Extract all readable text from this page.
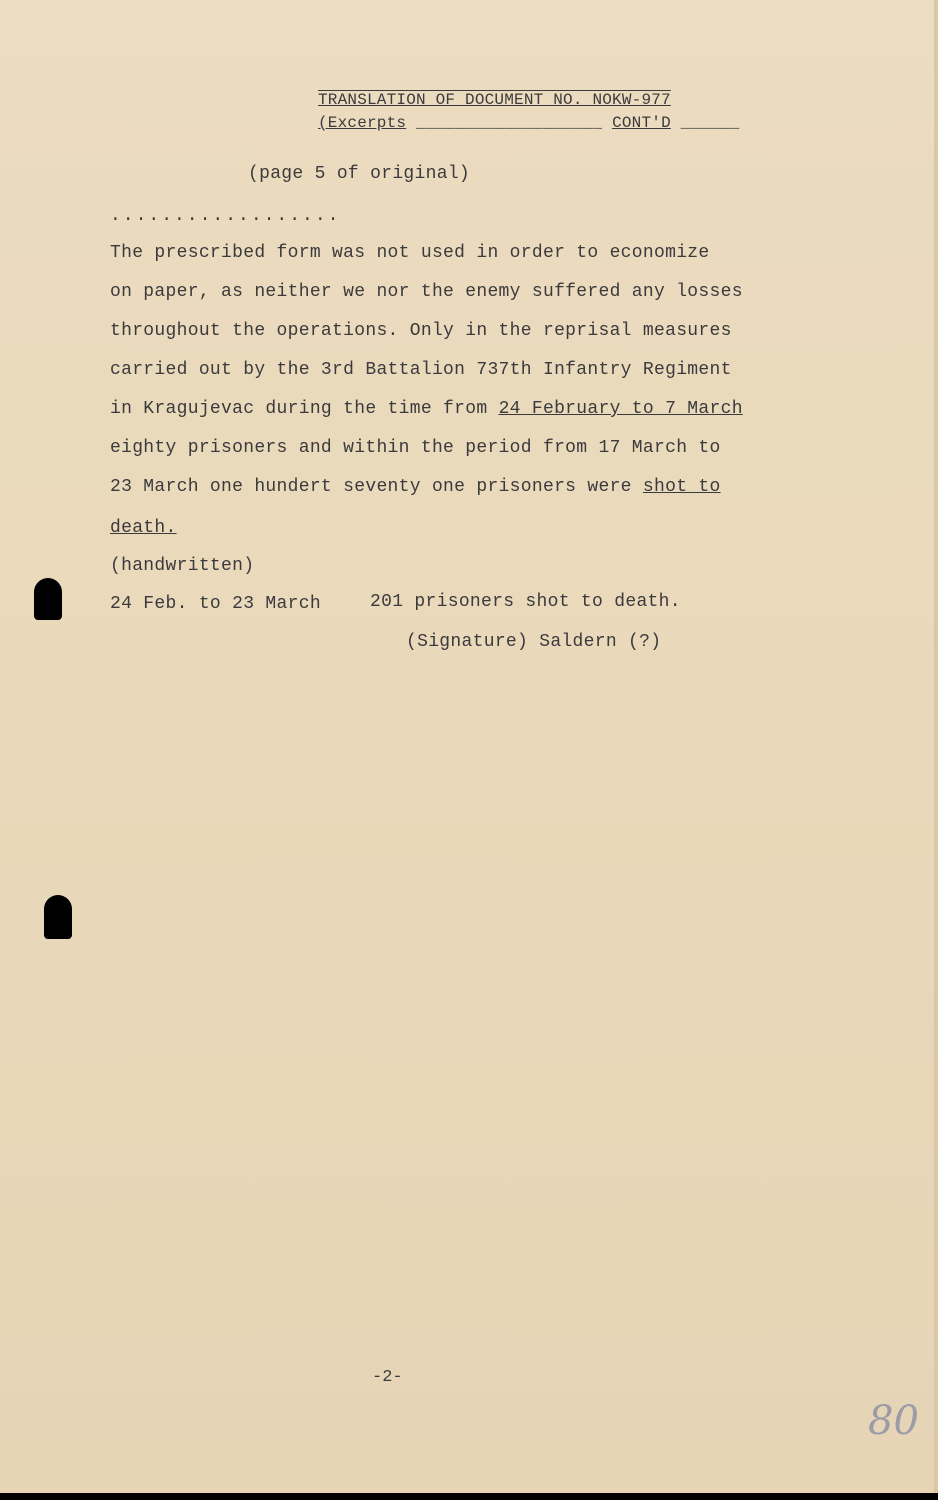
TRANSLATION OF DOCUMENT NO. NOKW-977
(Excerpts ___________________ CONT'D ______
(page 5 of original)
..................
The prescribed form was not used in order to economize
on paper, as neither we nor the enemy suffered any losses
throughout the operations. Only in the reprisal measures
carried out by the 3rd Battalion 737th Infantry Regiment
in Kragujevac during the time from 24 February to 7 March
eighty prisoners and within the period from 17 March to
23 March one hundert seventy one prisoners were shot to
death.
(handwritten)
24 Feb. to 23 March	201 prisoners shot to death.
(Signature) Saldern (?)
-2-
80
